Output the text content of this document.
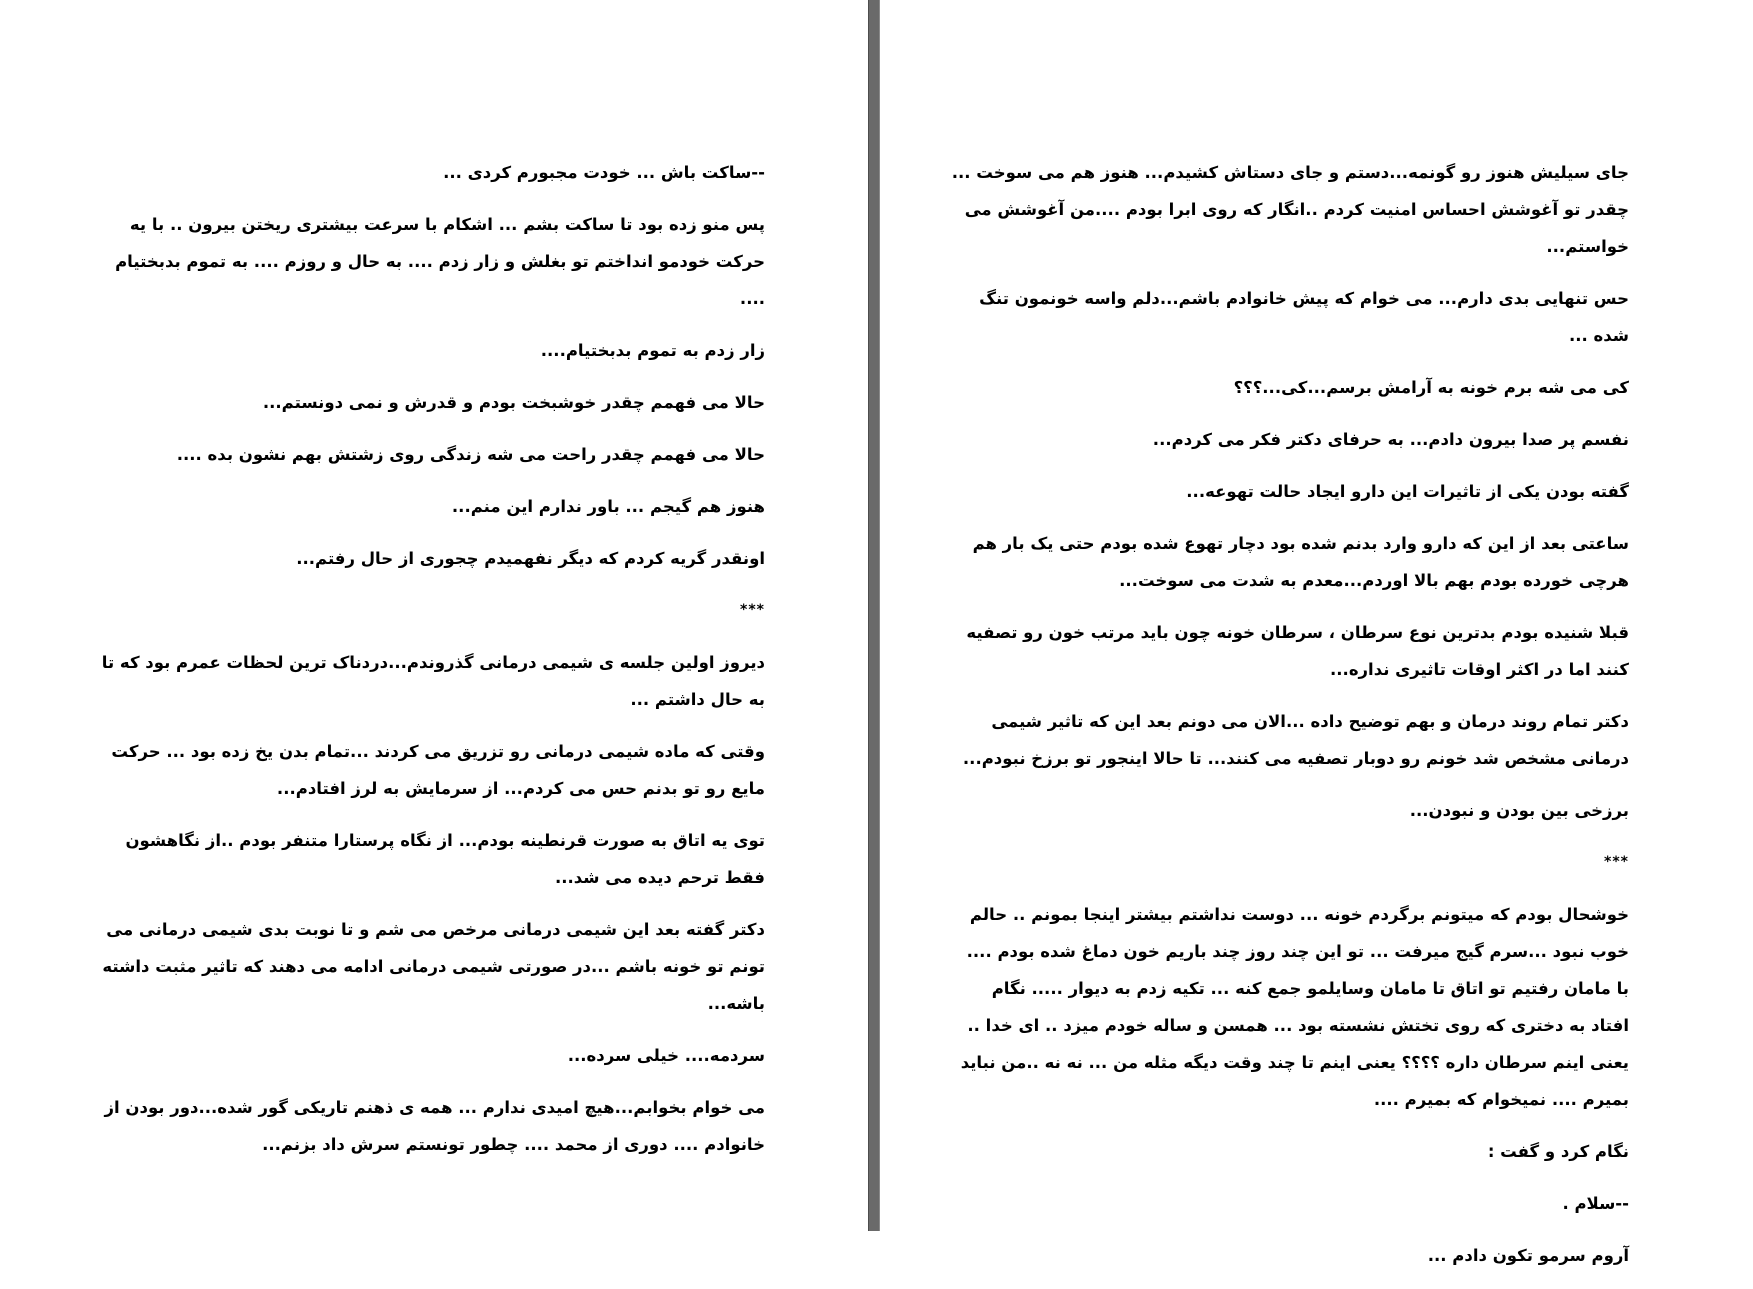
--ساکت باش ... خودت مجبورم کردی ...

پس منو زده بود تا ساکت بشم ... اشکام با سرعت بیشتری ریختن بیرون .. با یه حرکت خودمو انداختم تو بغلش و زار زدم .... به حال و روزم .... به تموم بدبختیام ....

زار زدم به تموم بدبختیام....

حالا می فهمم چقدر خوشبخت بودم و قدرش و نمی دونستم...

حالا می فهمم چقدر راحت می شه زندگی روی زشتش بهم نشون بده ....

هنوز هم گیجم ... باور ندارم این منم...

اونقدر گریه کردم که دیگر نفهمیدم چجوری از حال رفتم...

***

دیروز اولین جلسه ی شیمی درمانی گذروندم...دردناک ترین لحظات عمرم بود که تا به حال داشتم ...

وقتی که ماده شیمی درمانی رو تزریق می کردند ...تمام بدن یخ زده بود ... حرکت مایع رو تو بدنم حس می کردم... از سرمایش به لرز افتادم...

توی یه اتاق به صورت قرنطینه بودم... از نگاه پرستارا متنفر بودم ..از نگاهشون فقط ترحم دیده می شد...

دکتر گفته بعد این شیمی درمانی مرخص می شم و تا نوبت بدی شیمی درمانی می تونم تو خونه باشم ...در صورتی شیمی درمانی ادامه می دهند که تاثیر مثبت داشته باشه...

سردمه.... خیلی سرده...

می خوام بخوابم...هیچ امیدی ندارم ... همه ی ذهنم تاریکی گور شده...دور بودن از خانوادم .... دوری از محمد .... چطور تونستم سرش داد بزنم...

جای سیلیش هنوز رو گونمه...دستم و جای دستاش کشیدم... هنوز هم می سوخت ... چقدر تو آغوشش احساس امنیت کردم ..انگار که روی ابرا بودم ....من آغوشش می خواستم...

حس تنهایی بدی دارم... می خوام که پیش خانوادم باشم...دلم واسه خونمون تنگ شده ...

کی می شه برم خونه به آرامش برسم...کی...؟؟؟

نفسم پر صدا بیرون دادم... به حرفای دکتر فکر می کردم...

گفته بودن یکی از تاثیرات این دارو ایجاد حالت تهوعه...

ساعتی بعد از این که دارو وارد بدنم شده بود دچار تهوع شده بودم حتی یک بار هم هرچی خورده بودم بهم بالا اوردم...معدم به شدت می سوخت...

قبلا شنیده بودم بدترین نوع سرطان ، سرطان خونه چون باید مرتب خون رو تصفیه کنند اما در اکثر اوقات تاثیری نداره...

دکتر تمام روند درمان و بهم توضیح داده ...الان می دونم بعد این که تاثیر شیمی درمانی مشخص شد خونم رو دوبار تصفیه می کنند... تا حالا اینجور تو برزخ نبودم...

برزخی بین بودن و نبودن...

***

خوشحال بودم که میتونم برگردم خونه ... دوست نداشتم بیشتر اینجا بمونم .. حالم خوب نبود ...سرم گیج میرفت ... تو این چند روز چند باریم خون دماغ شده بودم .... با مامان رفتیم تو اتاق تا مامان وسایلمو جمع کنه ... تکیه زدم به دیوار ..... نگام افتاد به دختری که روی تختش نشسته بود ... همسن و ساله خودم میزد .. ای خدا .. یعنی اینم سرطان داره ؟؟؟؟ یعنی اینم تا چند وقت دیگه مثله من ... نه نه ..من نباید بمیرم .... نمیخوام که بمیرم ....

نگام کرد و گفت :

--سلام .

آروم سرمو تکون دادم ...
